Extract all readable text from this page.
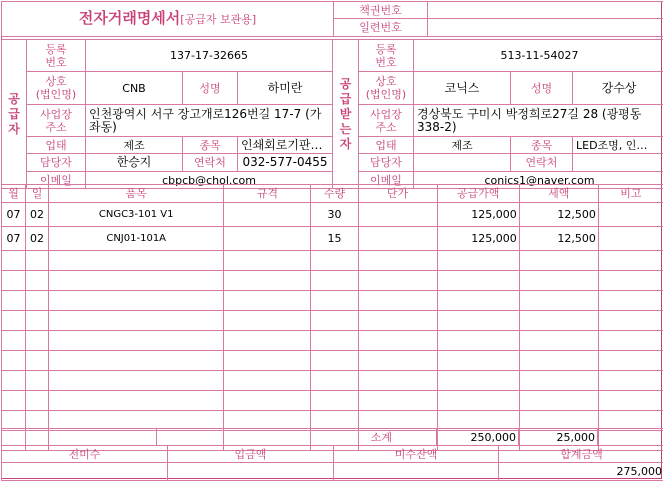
전자거래명세서[공급자 보관용]	책권번호	
	일련번호	
공
급
자	등록
번호	137-17-32665		
	상호
(법인명)	CNB	성명	하미란
	사업장
주소	인천광역시 서구 장고개로126번길 17-7 (가좌동)		
	업태	제조	종목	인쇄회로기판…
	담당자	한승지	연락처	032-577-0455
	이메일	cbpcb@chol.com		
공
급
받
는
자	등록
번호	513-11-54027		
	상호
(법인명)	코닉스	성명	강수상
	사업장
주소	경상북도 구미시 박정희로27길 28 (광평동 338-2)		
	업태	제조	종목	LED조명, 인…
	담당자		연락처	
	이메일	conics1@naver.com		
월	일	품목	규격	수량	단가	공급가액	세액	비고
07	02	CNGC3-101 V1		30		125,000	12,500	
07	02	CNJ01-101A		15		125,000	12,500	

	소계	250,000	25,000	
전미수	입금액	미수잔액	합계금액
			275,000
